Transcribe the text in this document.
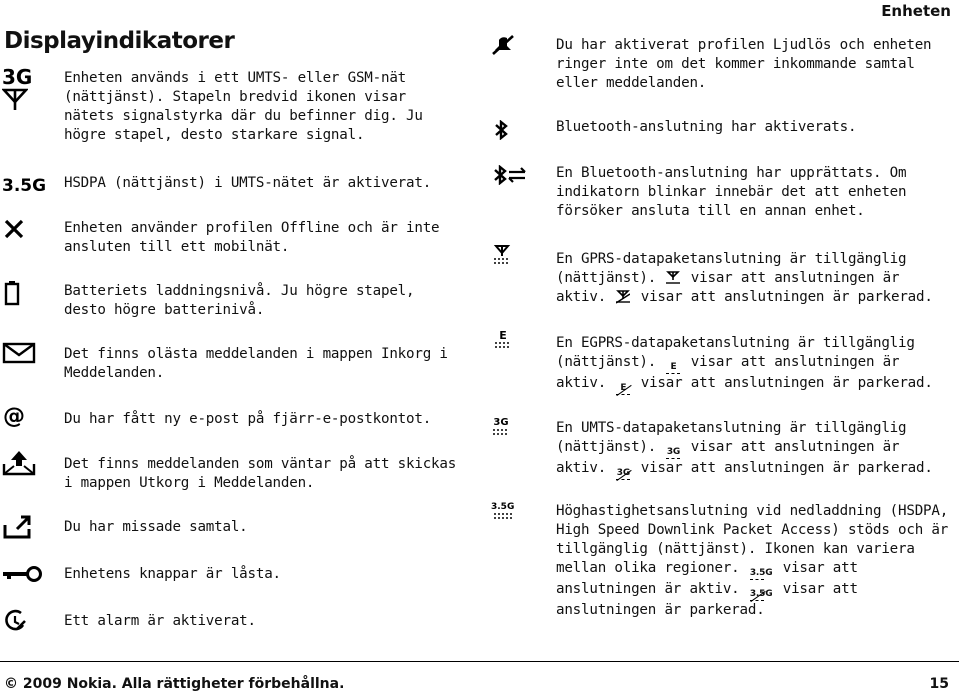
Enheten
Displayindikatorer
3G Enheten används i ett UMTS- eller GSM-nät (nättjänst). Stapeln bredvid ikonen visar nätets signalstyrka där du befinner dig. Ju högre stapel, desto starkare signal.
3.5G HSDPA (nättjänst) i UMTS-nätet är aktiverat.
Enheten använder profilen Offline och är inte ansluten till ett mobilnät.
Batteriets laddningsnivå. Ju högre stapel, desto högre batterinivå.
Det finns olästa meddelanden i mappen Inkorg i Meddelanden.
@	Du har fått ny e-post på fjärr-e-postkontot.
Det finns meddelanden som väntar på att skickas i mappen Utkorg i Meddelanden.
Du har missade samtal.
Enhetens knappar är låsta.
Ett alarm är aktiverat.
Du har aktiverat profilen Ljudlös och enheten ringer inte om det kommer inkommande samtal eller meddelanden.
Bluetooth-anslutning har aktiverats.
En Bluetooth-anslutning har upprättats. Om indikatorn blinkar innebär det att enheten försöker ansluta till en annan enhet.
En GPRS-datapaketanslutning är tillgänglig (nättjänst). visar att anslutningen är aktiv. visar att anslutningen är parkerad.
E	En EGPRS-datapaketanslutning är tillgänglig (nättjänst).	E visar att anslutningen är aktiv.	E visar att anslutningen är parkerad.
3G	En UMTS-datapaketanslutning är tillgänglig (nättjänst). 3G visar att anslutningen är aktiv. 3G visar att anslutningen är parkerad.
3.5G	Höghastighetsanslutning vid nedladdning (HSDPA, High Speed Downlink Packet Access) stöds och är tillgänglig (nättjänst). Ikonen kan variera mellan olika regioner. 3.5G visar att anslutningen är aktiv. 3.5G visar att anslutningen är parkerad.
© 2009 Nokia. Alla rättigheter förbehållna.	15
